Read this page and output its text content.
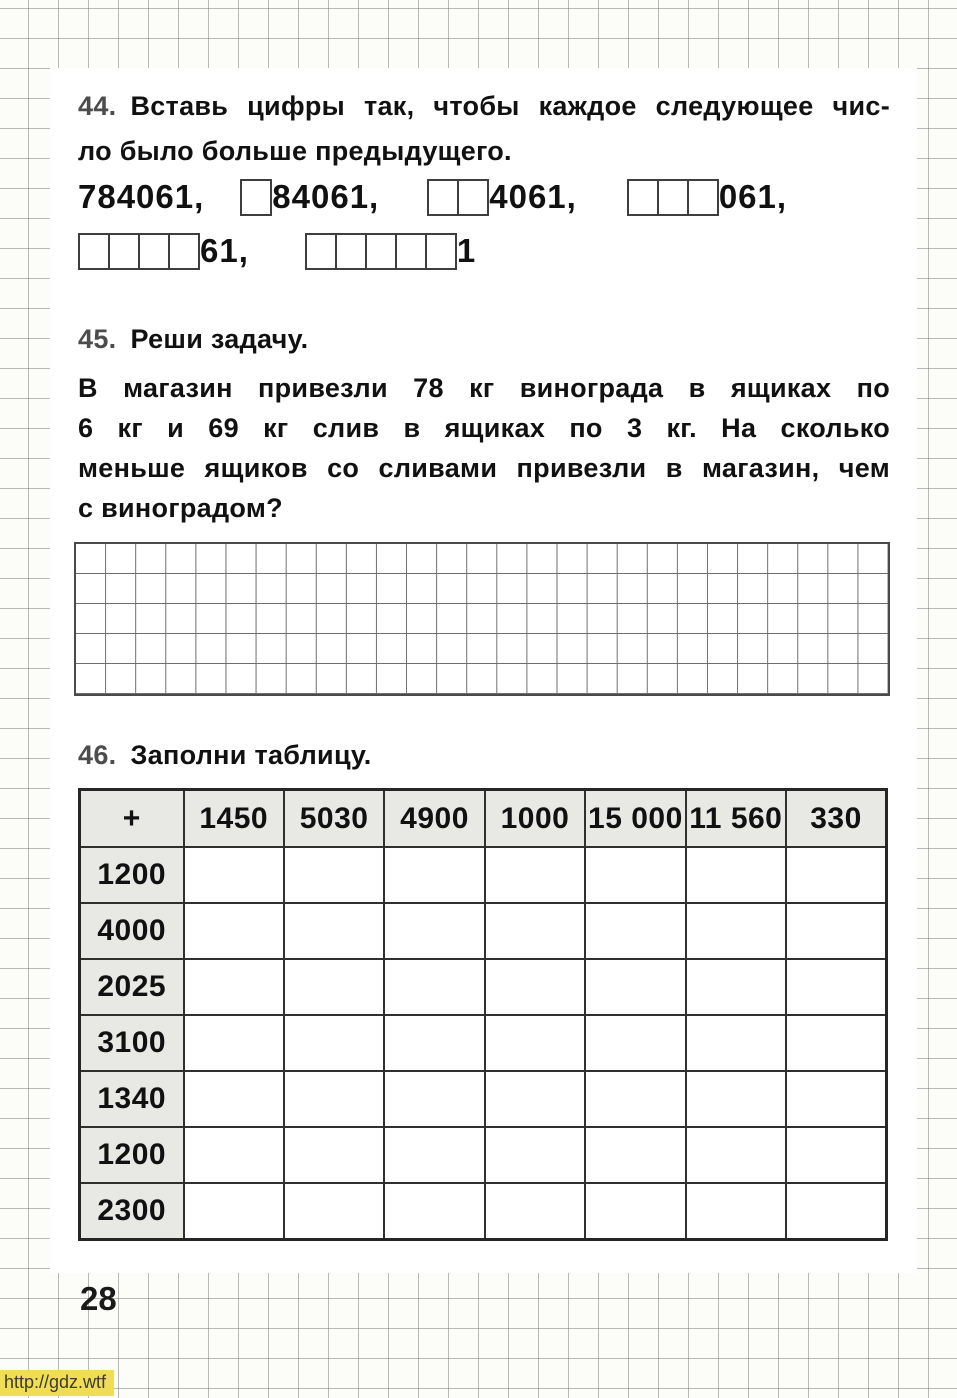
44. Вставь цифры так, чтобы каждое следующее чис-
ло было больше предыдущего.
784061, 84061,	4061,	061,
61,	1
45. Реши задачу.
В магазин привезли 78 кг винограда в ящиках по
6 кг и 69 кг слив в ящиках по 3 кг. На сколько
меньше ящиков со сливами привезли в магазин, чем
с виноградом?
46. Заполни таблицу.
+	1450	5030	4900	1000	15 000	11 560	330
1200							
4000							
2025							
3100							
1340							
1200							
2300							
28
http://gdz.wtf
